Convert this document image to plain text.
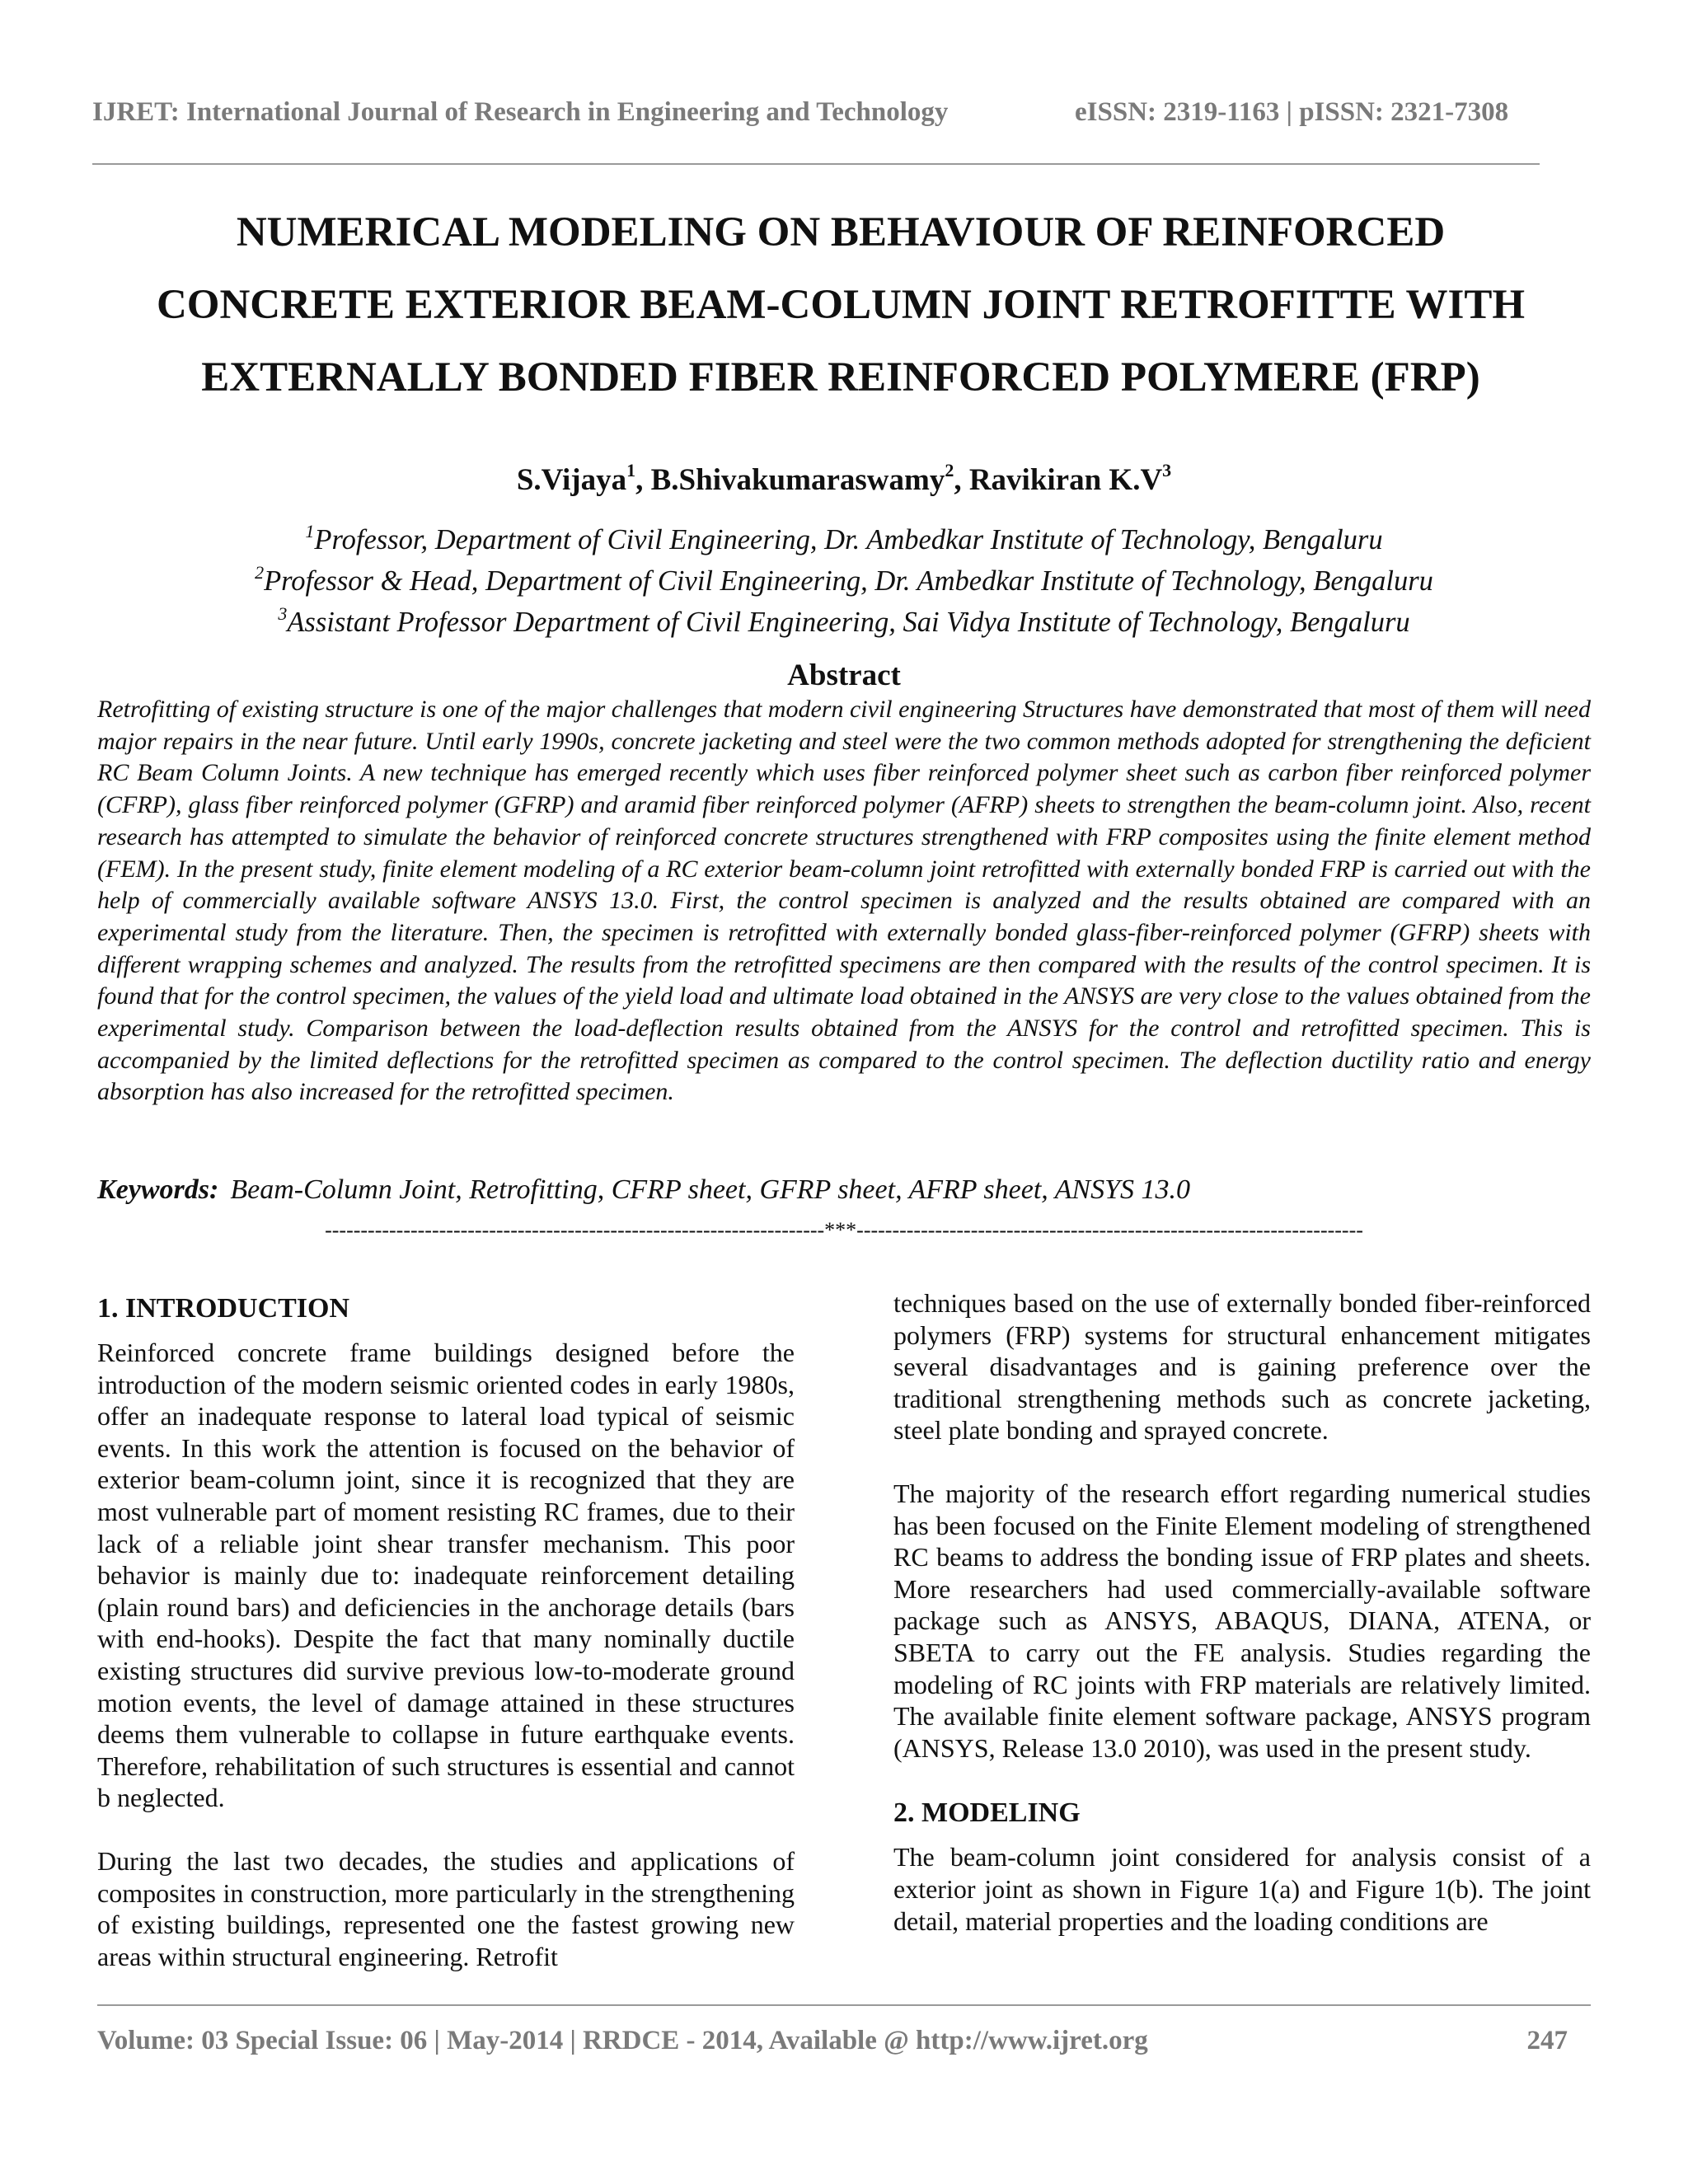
IJRET: International Journal of Research in Engineering and Technology	eISSN: 2319-1163 | pISSN: 2321-7308
NUMERICAL MODELING ON BEHAVIOUR OF REINFORCED
CONCRETE EXTERIOR BEAM-COLUMN JOINT RETROFITTE WITH
EXTERNALLY BONDED FIBER REINFORCED POLYMERE (FRP)
S.Vijaya$^1$, B.Shivakumaraswamy$^2$, Ravikiran $K.V^3$
$^1$Professor, Department of Civil Engineering, Dr. Ambedkar Institute of Technology, Bengaluru
$^2$Professor & Head, Department of Civil Engineering, Dr. Ambedkar Institute of Technology, Bengaluru
$^3$Assistant Professor Department of Civil Engineering, Sai Vidya Institute of Technology, Bengaluru
Abstract
Retrofitting of existing structure is one of the major challenges that modern civil engineering Structures have demonstrated that most of them will need major repairs in the near future. Until early 1990s, concrete jacketing and steel were the two common methods adopted for strengthening the deficient RC Beam Column Joints. A new technique has emerged recently which uses fiber reinforced polymer sheet such as carbon fiber reinforced polymer (CFRP), glass fiber reinforced polymer (GFRP) and aramid fiber reinforced polymer (AFRP) sheets to strengthen the beam-column joint. Also, recent research has attempted to simulate the behavior of reinforced concrete structures strengthened with FRP composites using the finite element method (FEM). In the present study, finite element modeling of a RC exterior beam-column joint retrofitted with externally bonded FRP is carried out with the help of commercially available software ANSYS 13.0. First, the control specimen is analyzed and the results obtained are compared with an experimental study from the literature. Then, the specimen is retrofitted with externally bonded glass-fiber-reinforced polymer (GFRP) sheets with different wrapping schemes and analyzed. The results from the retrofitted specimens are then compared with the results of the control specimen. It is found that for the control specimen, the values of the yield load and ultimate load obtained in the ANSYS are very close to the values obtained from the experimental study. Comparison between the load-deflection results obtained from the ANSYS for the control and retrofitted specimen. This is accompanied by the limited deflections for the retrofitted specimen as compared to the control specimen. The deflection ductility ratio and energy absorption has also increased for the retrofitted specimen.
Keywords: Beam-Column Joint, Retrofitting, CFRP sheet, GFRP sheet, AFRP sheet, ANSYS 13.0
----------------------------------------------------------------------***-----------------------------------------------------------------------
1. INTRODUCTION

Reinforced concrete frame buildings designed before the introduction of the modern seismic oriented codes in early 1980s, offer an inadequate response to lateral load typical of seismic events. In this work the attention is focused on the behavior of exterior beam-column joint, since it is recognized that they are most vulnerable part of moment resisting RC frames, due to their lack of a reliable joint shear transfer mechanism. This poor behavior is mainly due to: inadequate reinforcement detailing (plain round bars) and deficiencies in the anchorage details (bars with end-hooks). Despite the fact that many nominally ductile existing structures did survive previous low-to-moderate ground motion events, the level of damage attained in these structures deems them vulnerable to collapse in future earthquake events. Therefore, rehabilitation of such structures is essential and cannot b neglected.

During the last two decades, the studies and applications of composites in construction, more particularly in the strengthening of existing buildings, represented one the fastest growing new areas within structural engineering. Retrofit

techniques based on the use of externally bonded fiber-reinforced polymers (FRP) systems for structural enhancement mitigates several disadvantages and is gaining preference over the traditional strengthening methods such as concrete jacketing, steel plate bonding and sprayed concrete.

The majority of the research effort regarding numerical studies has been focused on the Finite Element modeling of strengthened RC beams to address the bonding issue of FRP plates and sheets. More researchers had used commercially-available software package such as ANSYS, ABAQUS, DIANA, ATENA, or SBETA to carry out the FE analysis. Studies regarding the modeling of RC joints with FRP materials are relatively limited. The available finite element software package, ANSYS program (ANSYS, Release 13.0 2010), was used in the present study.

2. MODELING

The beam-column joint considered for analysis consist of a exterior joint as shown in Figure 1(a) and Figure 1(b). The joint detail, material properties and the loading conditions are

Volume: 03 Special Issue: 06 | May-2014 | RRDCE - 2014, Available @ http://www.ijret.org	247
